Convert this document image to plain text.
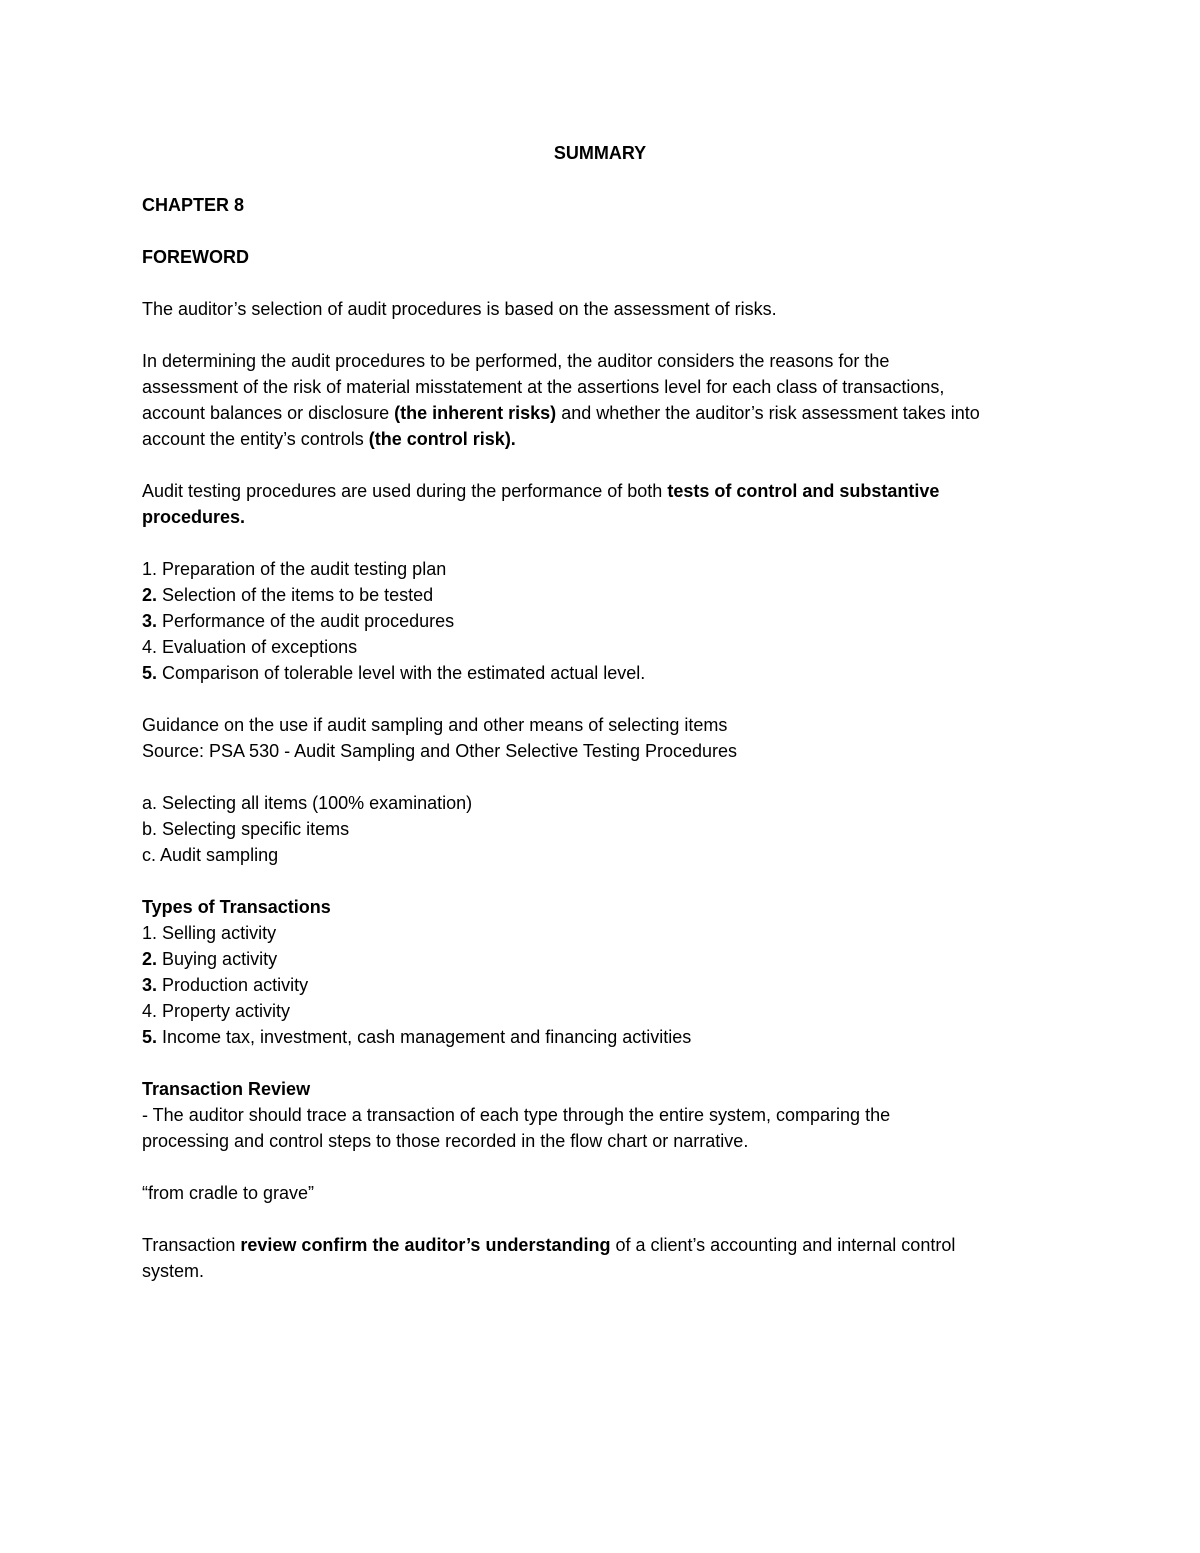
SUMMARY
CHAPTER 8
FOREWORD
The auditor’s selection of audit procedures is based on the assessment of risks.
In determining the audit procedures to be performed, the auditor considers the reasons for the
assessment of the risk of material misstatement at the assertions level for each class of transactions,
account balances or disclosure (the inherent risks) and whether the auditor’s risk assessment takes into
account the entity’s controls (the control risk).
Audit testing procedures are used during the performance of both tests of control and substantive
procedures.
1. Preparation of the audit testing plan
2. Selection of the items to be tested
3. Performance of the audit procedures
4. Evaluation of exceptions
5. Comparison of tolerable level with the estimated actual level.
Guidance on the use if audit sampling and other means of selecting items
Source: PSA 530 - Audit Sampling and Other Selective Testing Procedures
a. Selecting all items (100% examination)
b. Selecting specific items
c. Audit sampling
Types of Transactions
1. Selling activity
2. Buying activity
3. Production activity
4. Property activity
5. Income tax, investment, cash management and financing activities
Transaction Review
- The auditor should trace a transaction of each type through the entire system, comparing the
processing and control steps to those recorded in the flow chart or narrative.
“from cradle to grave”
Transaction review confirm the auditor’s understanding of a client’s accounting and internal control
system.
